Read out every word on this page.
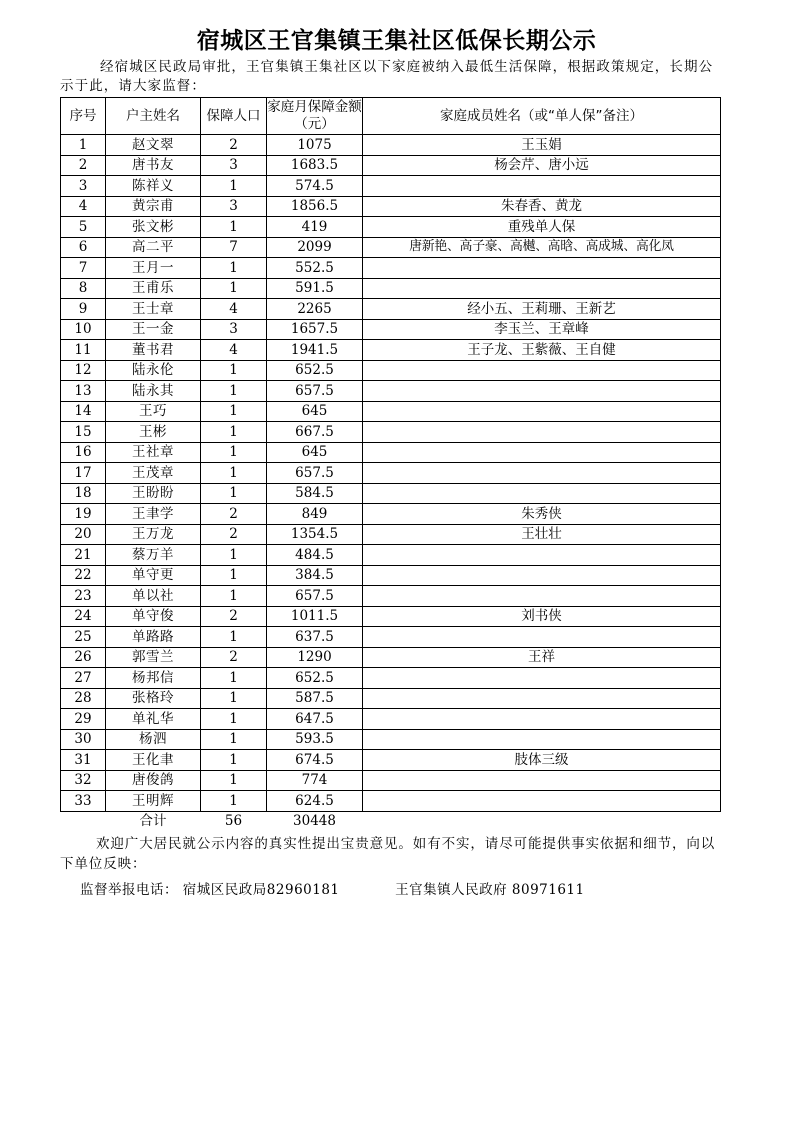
宿城区王官集镇王集社区低保长期公示
经宿城区民政局审批，王官集镇王集社区以下家庭被纳入最低生活保障，根据政策规定，长期公示于此，请大家监督：
序号	户主姓名	保障人口	家庭月保障金额（元）	家庭成员姓名（或“单人保”备注）
1	赵文翠	2	1075	王玉娟
2	唐书友	3	1683.5	杨会芹、唐小远
3	陈祥义	1	574.5	
4	黄宗甫	3	1856.5	朱春香、黄龙
5	张文彬	1	419	重残单人保
6	高二平	7	2099	唐新艳、高子豪、高樾、高晗、高成城、高化凤
7	王月一	1	552.5	
8	王甫乐	1	591.5	
9	王士章	4	2265	经小五、王莉珊、王新艺
10	王一金	3	1657.5	李玉兰、王章峰
11	董书君	4	1941.5	王子龙、王紫薇、王自健
12	陆永伦	1	652.5	
13	陆永其	1	657.5	
14	王巧	1	645	
15	王彬	1	667.5	
16	王社章	1	645	
17	王茂章	1	657.5	
18	王盼盼	1	584.5	
19	王聿学	2	849	朱秀侠
20	王万龙	2	1354.5	王壮壮
21	蔡万羊	1	484.5	
22	单守更	1	384.5	
23	单以社	1	657.5	
24	单守俊	2	1011.5	刘书侠
25	单路路	1	637.5	
26	郭雪兰	2	1290	王祥
27	杨邦信	1	652.5	
28	张格玲	1	587.5	
29	单礼华	1	647.5	
30	杨泗	1	593.5	
31	王化聿	1	674.5	肢体三级
32	唐俊鸽	1	774	
33	王明辉	1	624.5	
	合计	56	30448	
欢迎广大居民就公示内容的真实性提出宝贵意见。如有不实，请尽可能提供事实依据和细节，向以下单位反映：
监督举报电话： 宿城区民政局82960181	王官集镇人民政府 80971611
